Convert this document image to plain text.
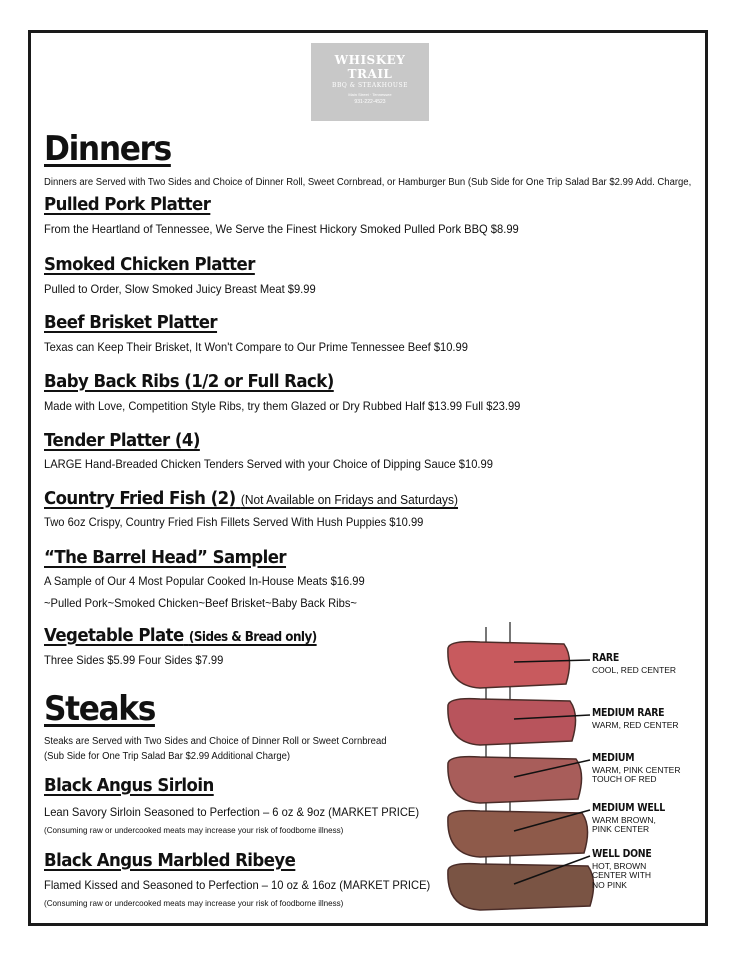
WHISKEY TRAIL
BBQ & STEAKHOUSE
Main Street · Tennessee
931-222-4523
Dinners
Dinners are Served with Two Sides and Choice of Dinner Roll, Sweet Cornbread, or Hamburger Bun (Sub Side for One Trip Salad Bar $2.99 Add. Charge,
Pulled Pork Platter
From the Heartland of Tennessee, We Serve the Finest Hickory Smoked Pulled Pork BBQ $8.99
Smoked Chicken Platter
Pulled to Order, Slow Smoked Juicy Breast Meat $9.99
Beef Brisket Platter
Texas can Keep Their Brisket, It Won't Compare to Our Prime Tennessee Beef $10.99
Baby Back Ribs (1/2 or Full Rack)
Made with Love, Competition Style Ribs, try them Glazed or Dry Rubbed Half $13.99 Full $23.99
Tender Platter (4)
LARGE Hand-Breaded Chicken Tenders Served with your Choice of Dipping Sauce $10.99
Country Fried Fish (2) (Not Available on Fridays and Saturdays)
Two 6oz Crispy, Country Fried Fish Fillets Served With Hush Puppies $10.99
“The Barrel Head” Sampler
A Sample of Our 4 Most Popular Cooked In-House Meats $16.99
~Pulled Pork~Smoked Chicken~Beef Brisket~Baby Back Ribs~
Vegetable Plate (Sides & Bread only)
Three Sides $5.99 Four Sides $7.99
Steaks
Steaks are Served with Two Sides and Choice of Dinner Roll or Sweet Cornbread
(Sub Side for One Trip Salad Bar $2.99 Additional Charge)
Black Angus Sirloin
Lean Savory Sirloin Seasoned to Perfection – 6 oz & 9oz (MARKET PRICE)
(Consuming raw or undercooked meats may increase your risk of foodborne illness)
Black Angus Marbled Ribeye
Flamed Kissed and Seasoned to Perfection – 10 oz & 16oz (MARKET PRICE)
(Consuming raw or undercooked meats may increase your risk of foodborne illness)
RARE
COOL, RED CENTER
MEDIUM RARE
WARM, RED CENTER
MEDIUM
WARM, PINK CENTER
TOUCH OF RED
MEDIUM WELL
WARM BROWN,
PINK CENTER
WELL DONE
HOT, BROWN
CENTER WITH
NO PINK
